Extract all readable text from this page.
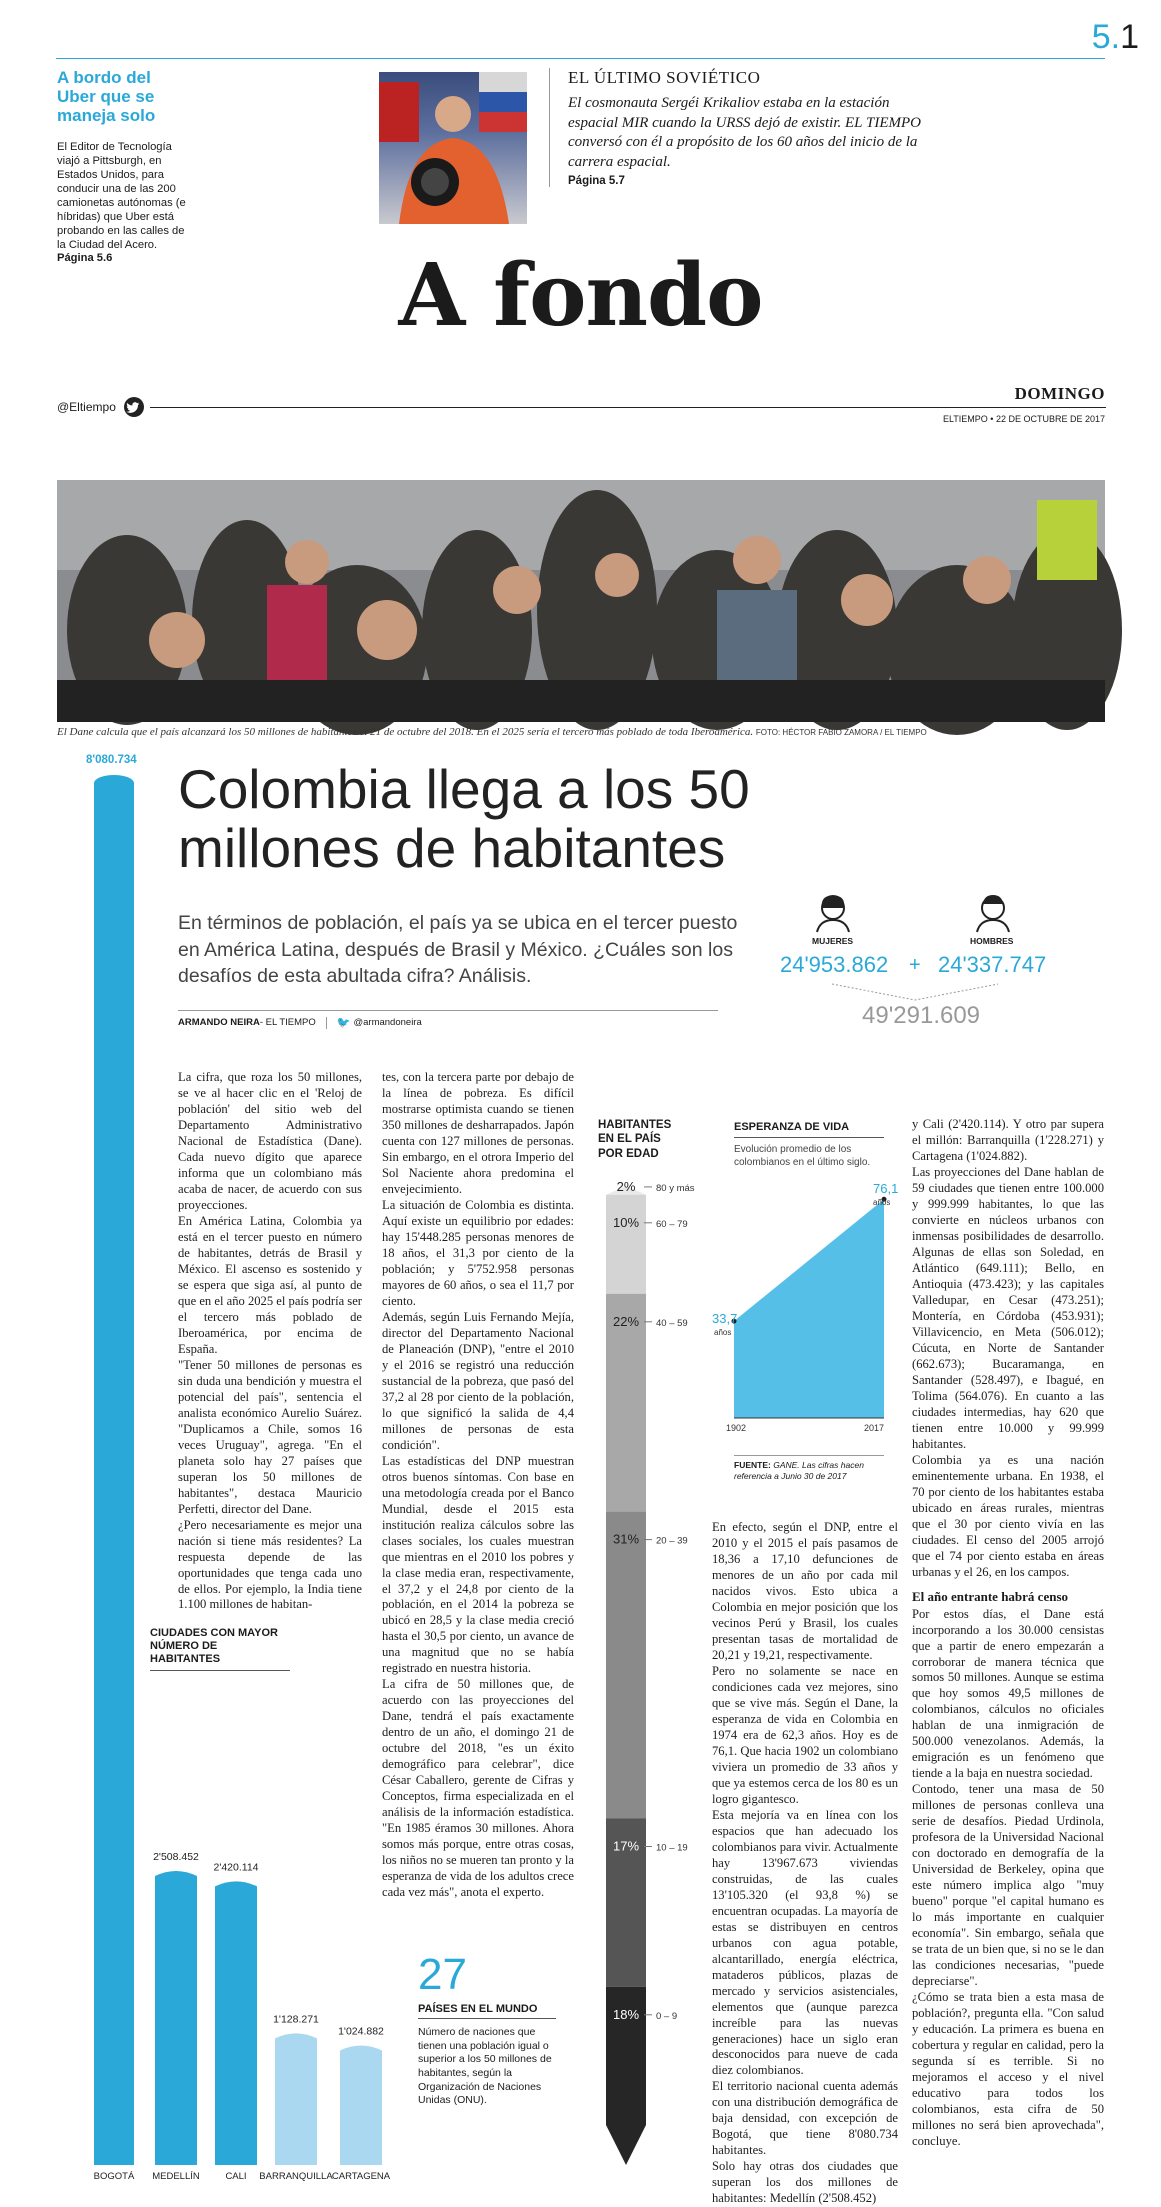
5.1
A bordo del Uber que se maneja solo
El Editor de Tecnología viajó a Pittsburgh, en Estados Unidos, para conducir una de las 200 camionetas autónomas (e híbridas) que Uber está probando en las calles de la Ciudad del Acero.
Página 5.6
EL ÚLTIMO SOVIÉTICO
El cosmonauta Sergéi Krikaliov estaba en la estación espacial MIR cuando la URSS dejó de existir. EL TIEMPO conversó con él a propósito de los 60 años del inicio de la carrera espacial.
Página 5.7
A fondo
@Eltiempo
DOMINGO
ELTIEMPO • 22 DE OCTUBRE DE 2017
El Dane calcula que el país alcanzará los 50 millones de habitantes el 21 de octubre del 2018. En el 2025 sería el tercero más poblado de toda Iberoamérica. FOTO: HÉCTOR FABIO ZAMORA / EL TIEMPO
8'080.734 Colombia llega a los 50 millones de habitantes
En términos de población, el país ya se ubica en el tercer puesto en América Latina, después de Brasil y México. ¿Cuáles son los desafíos de esta abultada cifra? Análisis.
ARMANDO NEIRA - EL TIEMPO 🐦 @armandoneira
MUJERES	HOMBRES
24'953.862 + 24'337.747
49'291.609
La cifra, que roza los 50 millones, se ve al hacer clic en el 'Reloj de población' del sitio web del Departamento Administrativo Nacional de Estadística (Dane). Cada nuevo dígito que aparece informa que un colombiano más acaba de nacer, de acuerdo con sus proyecciones.
En América Latina, Colombia ya está en el tercer puesto en número de habitantes, detrás de Brasil y México. El ascenso es sostenido y se espera que siga así, al punto de que en el año 2025 el país podría ser el tercero más poblado de Iberoamérica, por encima de España.
"Tener 50 millones de personas es sin duda una bendición y muestra el potencial del país", sentencia el analista económico Aurelio Suárez. "Duplicamos a Chile, somos 16 veces Uruguay", agrega. "En el planeta solo hay 27 países que superan los 50 millones de habitantes", destaca Mauricio Perfetti, director del Dane.
¿Pero necesariamente es mejor una nación si tiene más residentes? La respuesta depende de las oportunidades que tenga cada uno de ellos. Por ejemplo, la India tiene 1.100 millones de habitan-
tes, con la tercera parte por debajo de la línea de pobreza. Es difícil mostrarse optimista cuando se tienen 350 millones de desharrapados. Japón cuenta con 127 millones de personas. Sin embargo, en el otrora Imperio del Sol Naciente ahora predomina el envejecimiento.
La situación de Colombia es distinta. Aquí existe un equilibrio por edades: hay 15'448.285 personas menores de 18 años, el 31,3 por ciento de la población; y 5'752.958 personas mayores de 60 años, o sea el 11,7 por ciento.
Además, según Luis Fernando Mejía, director del Departamento Nacional de Planeación (DNP), "entre el 2010 y el 2016 se registró una reducción sustancial de la pobreza, que pasó del 37,2 al 28 por ciento de la población, lo que significó la salida de 4,4 millones de personas de esta condición".
Las estadísticas del DNP muestran otros buenos síntomas. Con base en una metodología creada por el Banco Mundial, desde el 2015 esta institución realiza cálculos sobre las clases sociales, los cuales muestran que mientras en el 2010 los pobres y la clase media eran, respectivamente, el 37,2 y el 24,8 por ciento de la población, en el 2014 la pobreza se ubicó en 28,5 y la clase media creció hasta el 30,5 por ciento, un avance de una magnitud que no se había registrado en nuestra historia.
La cifra de 50 millones que, de acuerdo con las proyecciones del Dane, tendrá el país exactamente dentro de un año, el domingo 21 de octubre del 2018, "es un éxito demográfico para celebrar", dice César Caballero, gerente de Cifras y Conceptos, firma especializada en el análisis de la información estadística. "En 1985 éramos 30 millones. Ahora somos más porque, entre otras cosas, los niños no se mueren tan pronto y la esperanza de vida de los adultos crece cada vez más", anota el experto.
En efecto, según el DNP, entre el 2010 y el 2015 el país pasamos de 18,36 a 17,10 defunciones de menores de un año por cada mil nacidos vivos. Esto ubica a Colombia en mejor posición que los vecinos Perú y Brasil, los cuales presentan tasas de mortalidad de 20,21 y 19,21, respectivamente.
Pero no solamente se nace en condiciones cada vez mejores, sino que se vive más. Según el Dane, la esperanza de vida en Colombia en 1974 era de 62,3 años. Hoy es de 76,1. Que hacia 1902 un colombiano viviera un promedio de 33 años y que ya estemos cerca de los 80 es un logro gigantesco.
Esta mejoría va en línea con los espacios que han adecuado los colombianos para vivir. Actualmente hay 13'967.673 viviendas construidas, de las cuales 13'105.320 (el 93,8 %) se encuentran ocupadas. La mayoría de estas se distribuyen en centros urbanos con agua potable, alcantarillado, energía eléctrica, mataderos públicos, plazas de mercado y servicios asistenciales, elementos que (aunque parezca increíble para las nuevas generaciones) hace un siglo eran desconocidos para nueve de cada diez colombianos.
El territorio nacional cuenta además con una distribución demográfica de baja densidad, con excepción de Bogotá, que tiene 8'080.734 habitantes.
Solo hay otras dos ciudades que superan los dos millones de habitantes: Medellín (2'508.452)
y Cali (2'420.114). Y otro par supera el millón: Barranquilla (1'228.271) y Cartagena (1'024.882).
Las proyecciones del Dane hablan de 59 ciudades que tienen entre 100.000 y 999.999 habitantes, lo que las convierte en núcleos urbanos con inmensas posibilidades de desarrollo. Algunas de ellas son Soledad, en Atlántico (649.111); Bello, en Antioquia (473.423); y las capitales Valledupar, en Cesar (473.251); Montería, en Córdoba (453.931); Villavicencio, en Meta (506.012); Cúcuta, en Norte de Santander (662.673); Bucaramanga, en Santander (528.497), e Ibagué, en Tolima (564.076). En cuanto a las ciudades intermedias, hay 620 que tienen entre 10.000 y 99.999 habitantes.
Colombia ya es una nación eminentemente urbana. En 1938, el 70 por ciento de los habitantes estaba ubicado en áreas rurales, mientras que el 30 por ciento vivía en las ciudades. El censo del 2005 arrojó que el 74 por ciento estaba en áreas urbanas y el 26, en los campos.
El año entrante habrá censo
Por estos días, el Dane está incorporando a los 30.000 censistas que a partir de enero empezarán a corroborar de manera técnica que somos 50 millones. Aunque se estima que hoy somos 49,5 millones de colombianos, cálculos no oficiales hablan de una inmigración de 500.000 venezolanos. Además, la emigración es un fenómeno que tiende a la baja en nuestra sociedad.
Contodo, tener una masa de 50 millones de personas conlleva una serie de desafíos. Piedad Urdinola, profesora de la Universidad Nacional con doctorado en demografía de la Universidad de Berkeley, opina que este número implica algo "muy bueno" porque "el capital humano es lo más importante en cualquier economía". Sin embargo, señala que se trata de un bien que, si no se le dan las condiciones necesarias, "puede depreciarse".
¿Cómo se trata bien a esta masa de población?, pregunta ella. "Con salud y educación. La primera es buena en cobertura y regular en calidad, pero la segunda sí es terrible. Si no mejoramos el acceso y el nivel educativo para todos los colombianos, esta cifra de 50 millones no será bien aprovechada", concluye.
HABITANTES EN EL PAÍS POR EDAD
2% 80 y más
10% 60 – 79
22% 40 – 59
31% 20 – 39
17% 10 – 19
18% 0 – 9
ESPERANZA DE VIDA
Evolución promedio de los colombianos en el último siglo.
33,7
años
76,1
años
1902	2017
FUENTE: GANE. Las cifras hacen referencia a Junio 30 de 2017
CIUDADES CON MAYOR NÚMERO DE HABITANTES
BOGOTÁ
2'508.452
MEDELLÍN
2'420.114
CALI
1'128.271
BARRANQUILLA
1'024.882
CARTAGENA
27
PAÍSES EN EL MUNDO
Número de naciones que tienen una población igual o superior a los 50 millones de habitantes, según la Organización de Naciones Unidas (ONU).
